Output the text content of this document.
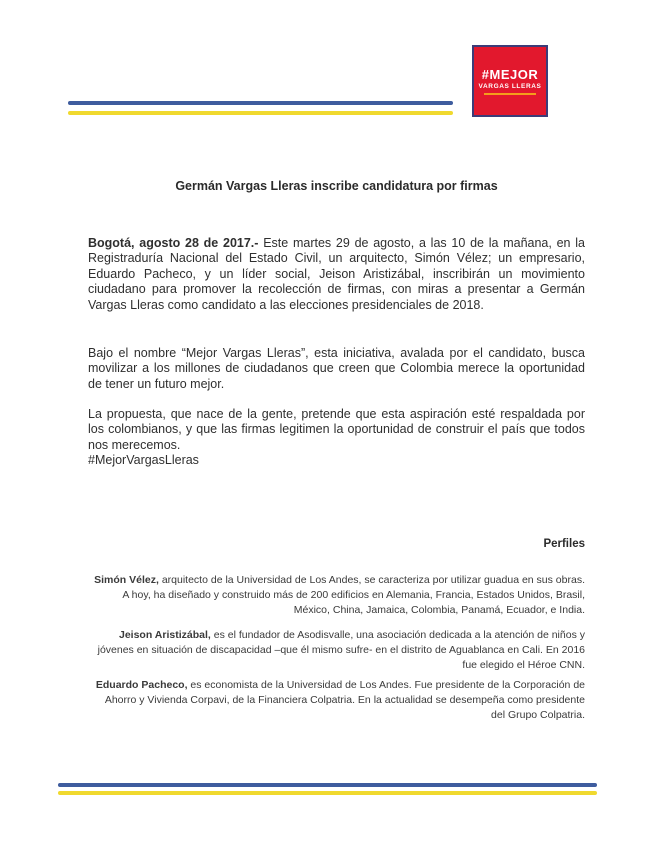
#MEJOR
VARGAS LLERAS
Germán Vargas Lleras inscribe candidatura por firmas

Bogotá, agosto 28 de 2017.- Este martes 29 de agosto, a las 10 de la mañana, en la Registraduría Nacional del Estado Civil, un arquitecto, Simón Vélez; un empresario, Eduardo Pacheco, y un líder social, Jeison Aristizábal, inscribirán un movimiento ciudadano para promover la recolección de firmas, con miras a presentar a Germán Vargas Lleras como candidato a las elecciones presidenciales de 2018.

Bajo el nombre “Mejor Vargas Lleras”, esta iniciativa, avalada por el candidato, busca movilizar a los millones de ciudadanos que creen que Colombia merece la oportunidad de tener un futuro mejor.

La propuesta, que nace de la gente, pretende que esta aspiración esté respaldada por los colombianos, y que las firmas legitimen la oportunidad de construir el país que todos nos merecemos.
#MejorVargasLleras

Perfiles

Simón Vélez, arquitecto de la Universidad de Los Andes, se caracteriza por utilizar guadua en sus obras. A hoy, ha diseñado y construido más de 200 edificios en Alemania, Francia, Estados Unidos, Brasil, México, China, Jamaica, Colombia, Panamá, Ecuador, e India.

Jeison Aristizábal, es el fundador de Asodisvalle, una asociación dedicada a la atención de niños y jóvenes en situación de discapacidad –que él mismo sufre- en el distrito de Aguablanca en Cali. En 2016 fue elegido el Héroe CNN.

Eduardo Pacheco, es economista de la Universidad de Los Andes. Fue presidente de la Corporación de Ahorro y Vivienda Corpavi, de la Financiera Colpatria. En la actualidad se desempeña como presidente del Grupo Colpatria.
